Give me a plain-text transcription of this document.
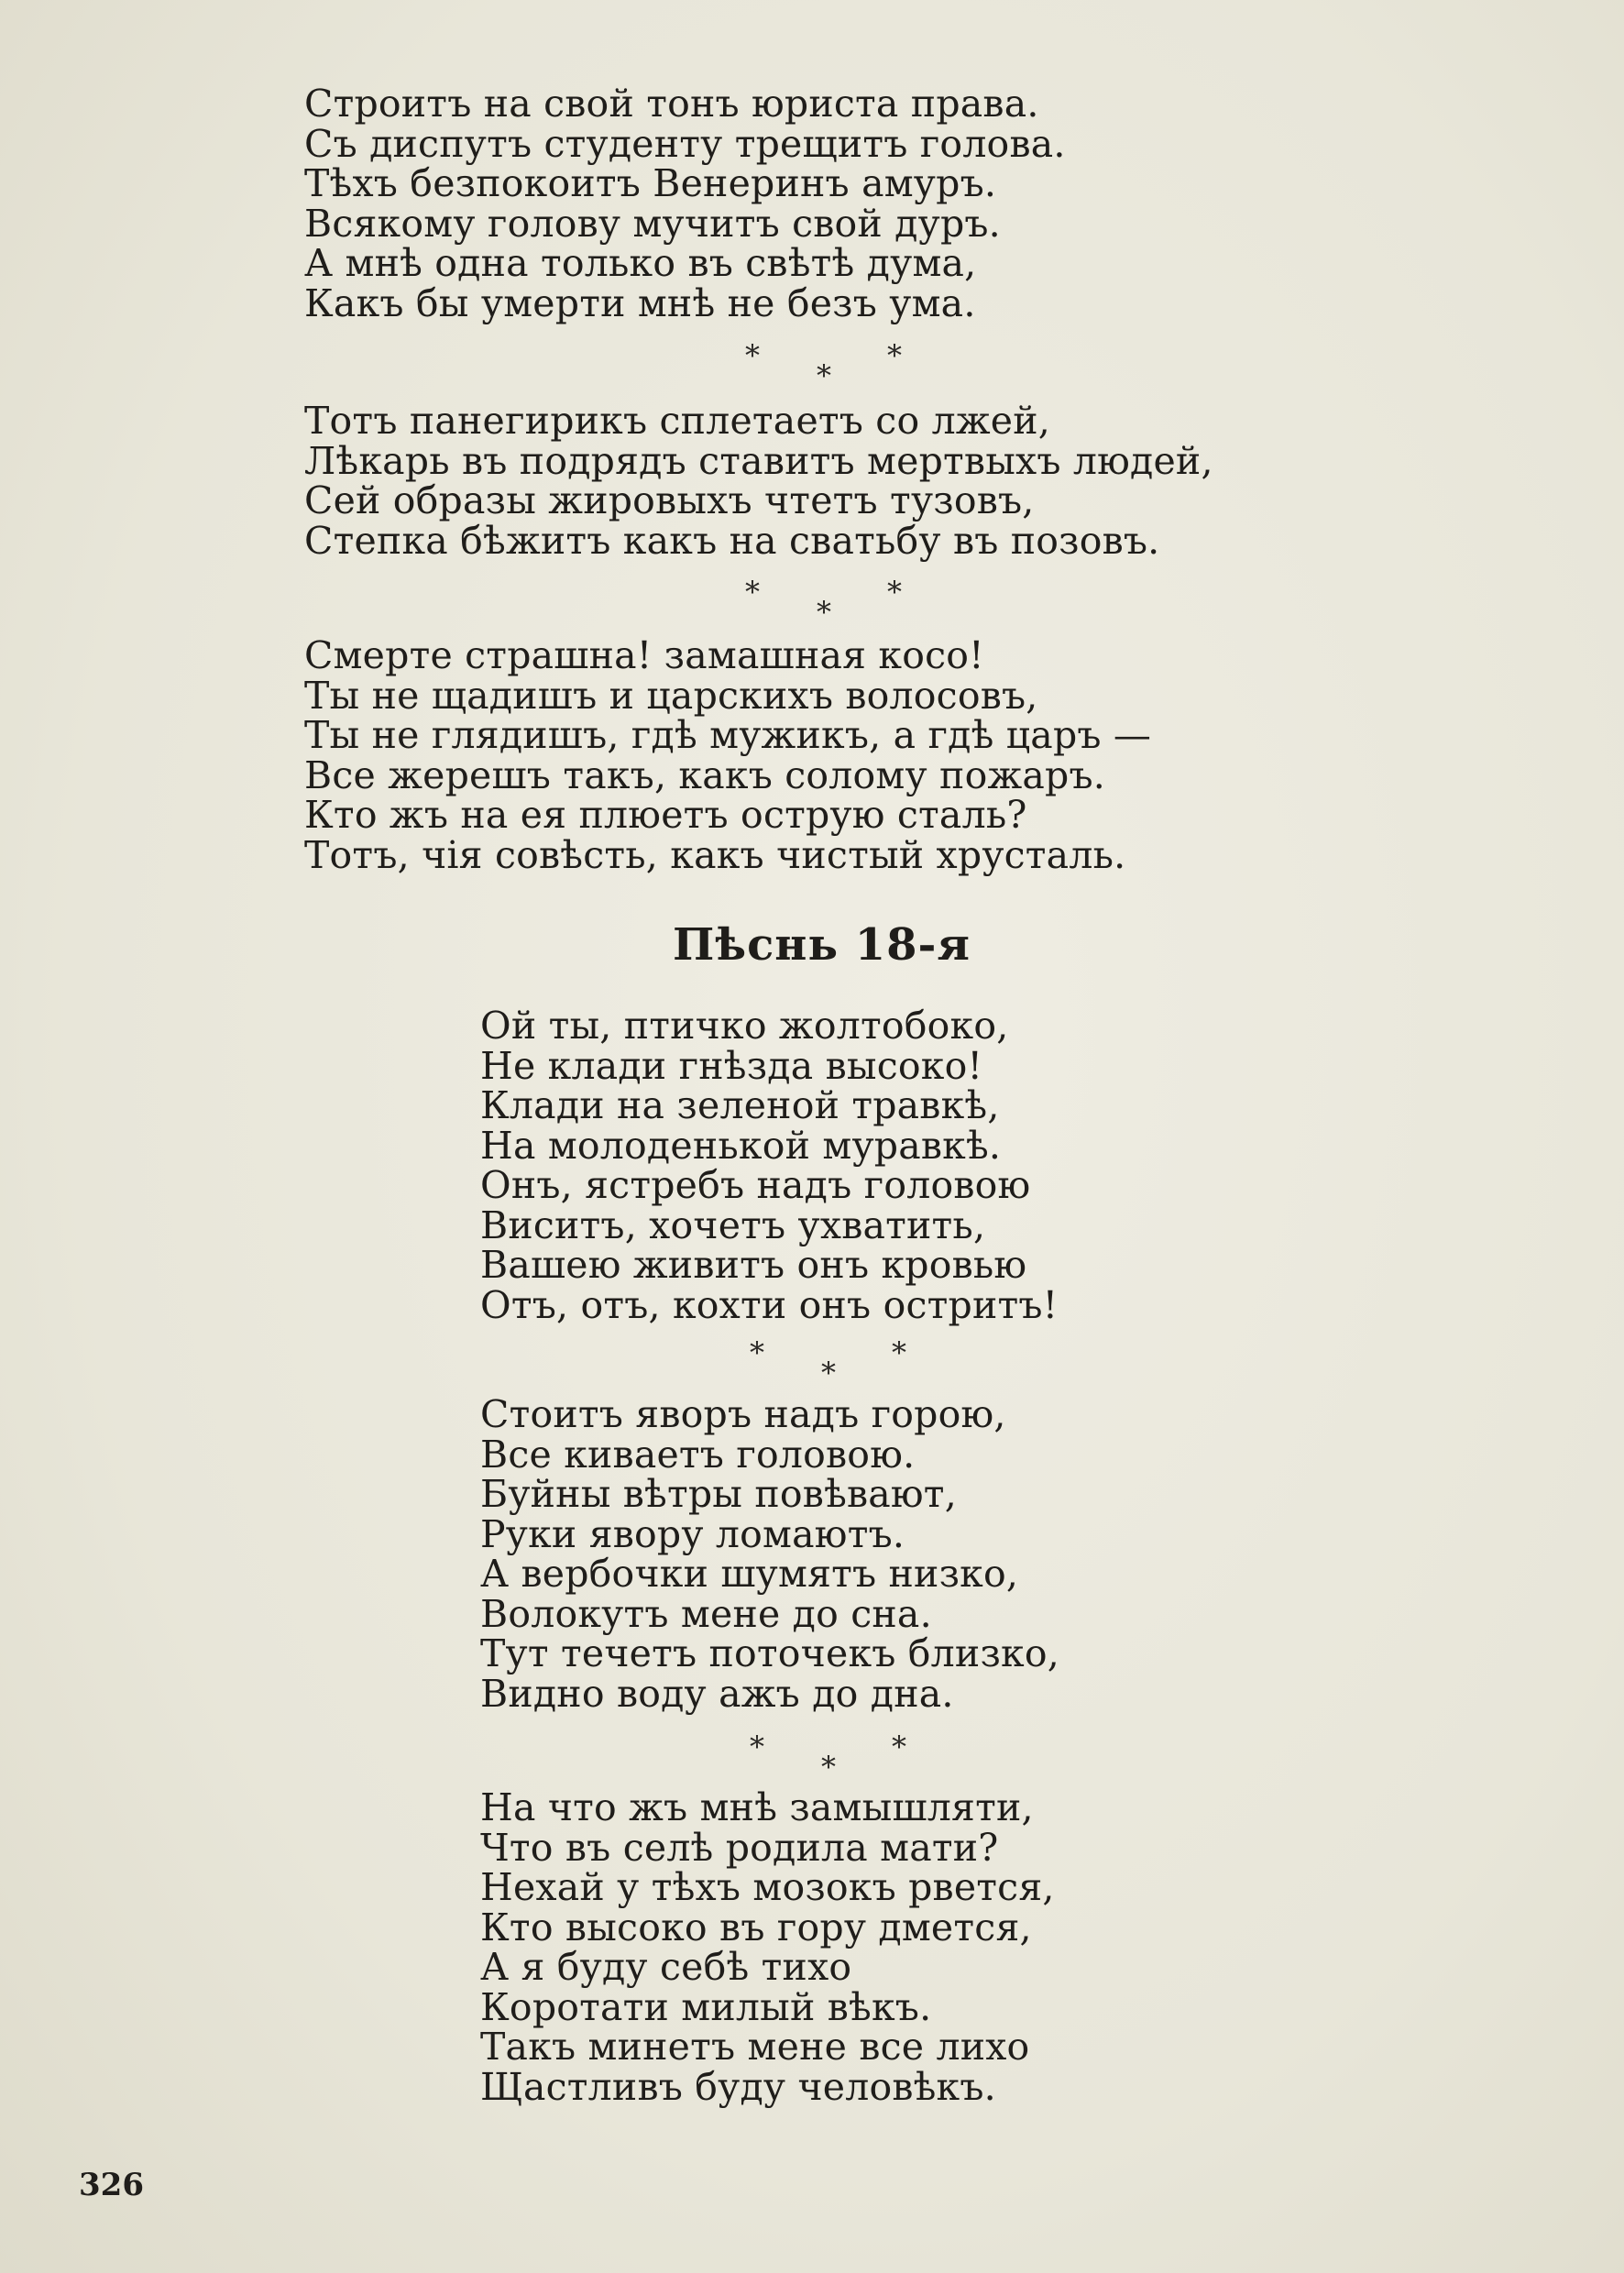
Строитъ на свой тонъ юриста права.
Съ диспутъ студенту трещитъ голова.
Тѣхъ безпокоитъ Венеринъ амуръ.
Всякому голову мучитъ свой дуръ.
А мнѣ одна только въ свѣтѣ дума,
Какъ бы умерти мнѣ не безъ ума.
*	*
*
Тотъ панегирикъ сплетаетъ со лжей,
Лѣкарь въ подрядъ ставитъ мертвыхъ людей,
Сей образы жировыхъ чтетъ тузовъ,
Степка бѣжитъ какъ на сватьбу въ позовъ.
*	*
*
Смерте страшна! замашная косо!
Ты не щадишъ и царскихъ волосовъ,
Ты не глядишъ, гдѣ мужикъ, а гдѣ царъ —
Все жерешъ такъ, какъ солому пожаръ.
Кто жъ на ея плюетъ острую сталь?
Тотъ, чія совѣсть, какъ чистый хрусталь.
Пѣснь 18-я
Ой ты, птичко жолтобоко,
Не клади гнѣзда высоко!
Клади на зеленой травкѣ,
На молоденькой муравкѣ.
Онъ, ястребъ надъ головою
Виситъ, хочетъ ухватить,
Вашею живитъ онъ кровью
Отъ, отъ, кохти онъ остритъ!
*	*
*
Стоитъ яворъ надъ горою,
Все киваетъ головою.
Буйны вѣтры повѣвают,
Руки явору ломаютъ.
А вербочки шумятъ низко,
Волокутъ мене до сна.
Тут течетъ поточекъ близко,
Видно воду ажъ до дна.
*	*
*
На что жъ мнѣ замышляти,
Что въ селѣ родила мати?
Нехай у тѣхъ мозокъ рвется,
Кто высоко въ гору дмется,
А я буду себѣ тихо
Коротати милый вѣкъ.
Такъ минетъ мене все лихо
Щастливъ буду человѣкъ.
326
